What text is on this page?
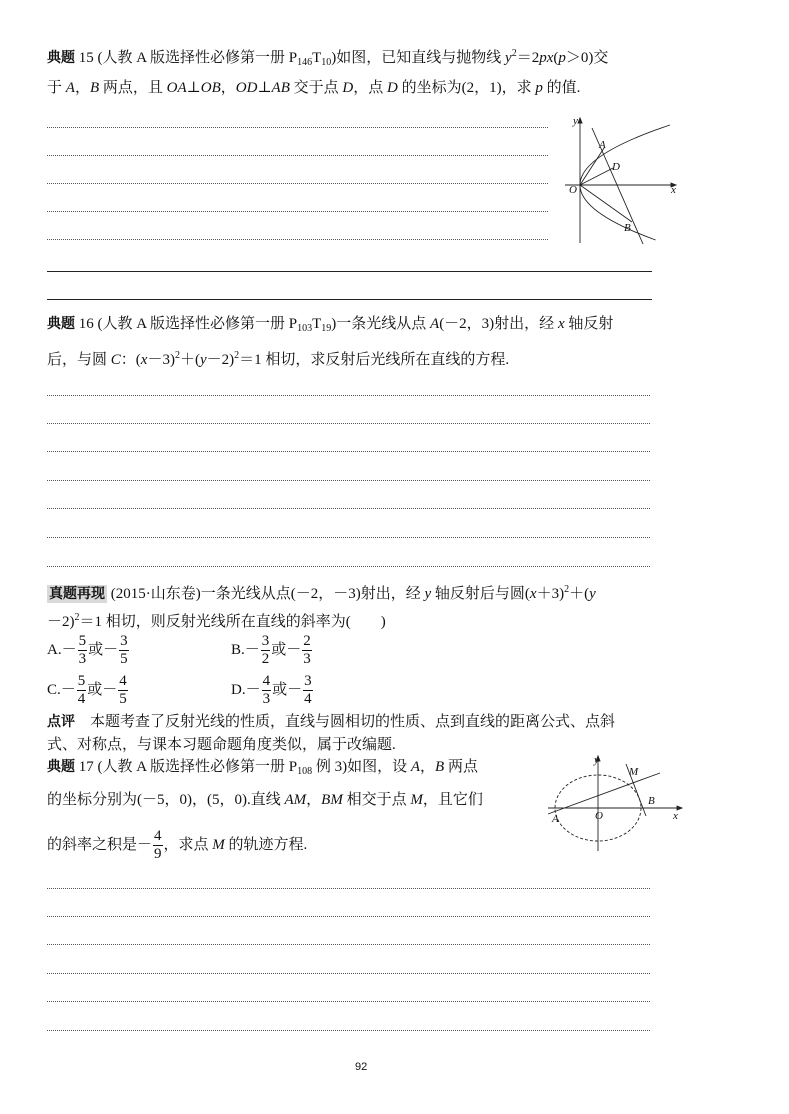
典题 15 (人教 A 版选择性必修第一册 $P_{146}T_{10}$)如图，已知直线与抛物线 $y^2=2px(p>0)$交
于 A，B 两点，且 OA⊥OB，OD⊥AB 交于点 D，点 D 的坐标为(2，1)，求 p 的值.
y
A
D
O	x
B
典题 16 (人教 A 版选择性必修第一册 $P_{103}T_{19}$)一条光线从点 A(－2，3)射出，经 x 轴反射
后，与圆 C：$(x-3)^2+(y-2)^2=1$ 相切，求反射后光线所在直线的方程.
真题再现 (2015·山东卷)一条光线从点(－2，－3)射出，经 y 轴反射后与圆$(x+3)^2+(y$
－2)$^2$＝1 相切，则反射光线所在直线的斜率为(　　)
$A.- \frac{5}{3}$ 或－ $\frac{3}{5}$	$B.- \frac{3}{2}$ 或－ $\frac{2}{3}$
$C.- \frac{5}{4}$ 或－ $\frac{4}{5}$	$D.- \frac{4}{3}$ 或－ $\frac{3}{4}$
点评　本题考查了反射光线的性质，直线与圆相切的性质、点到直线的距离公式、点斜
式、对称点，与课本习题命题角度类似，属于改编题.
典题 17 (人教 A 版选择性必修第一册 $P_{108}$ 例 3)如图，设 A，B 两点
的坐标分别为(－5，0)，(5，0).直线 AM，BM 相交于点 M，且它们
的斜率之积是－ $\frac{4}{9}$ ，求点 M 的轨迹方程.
y
M
B
A	O	x
92
